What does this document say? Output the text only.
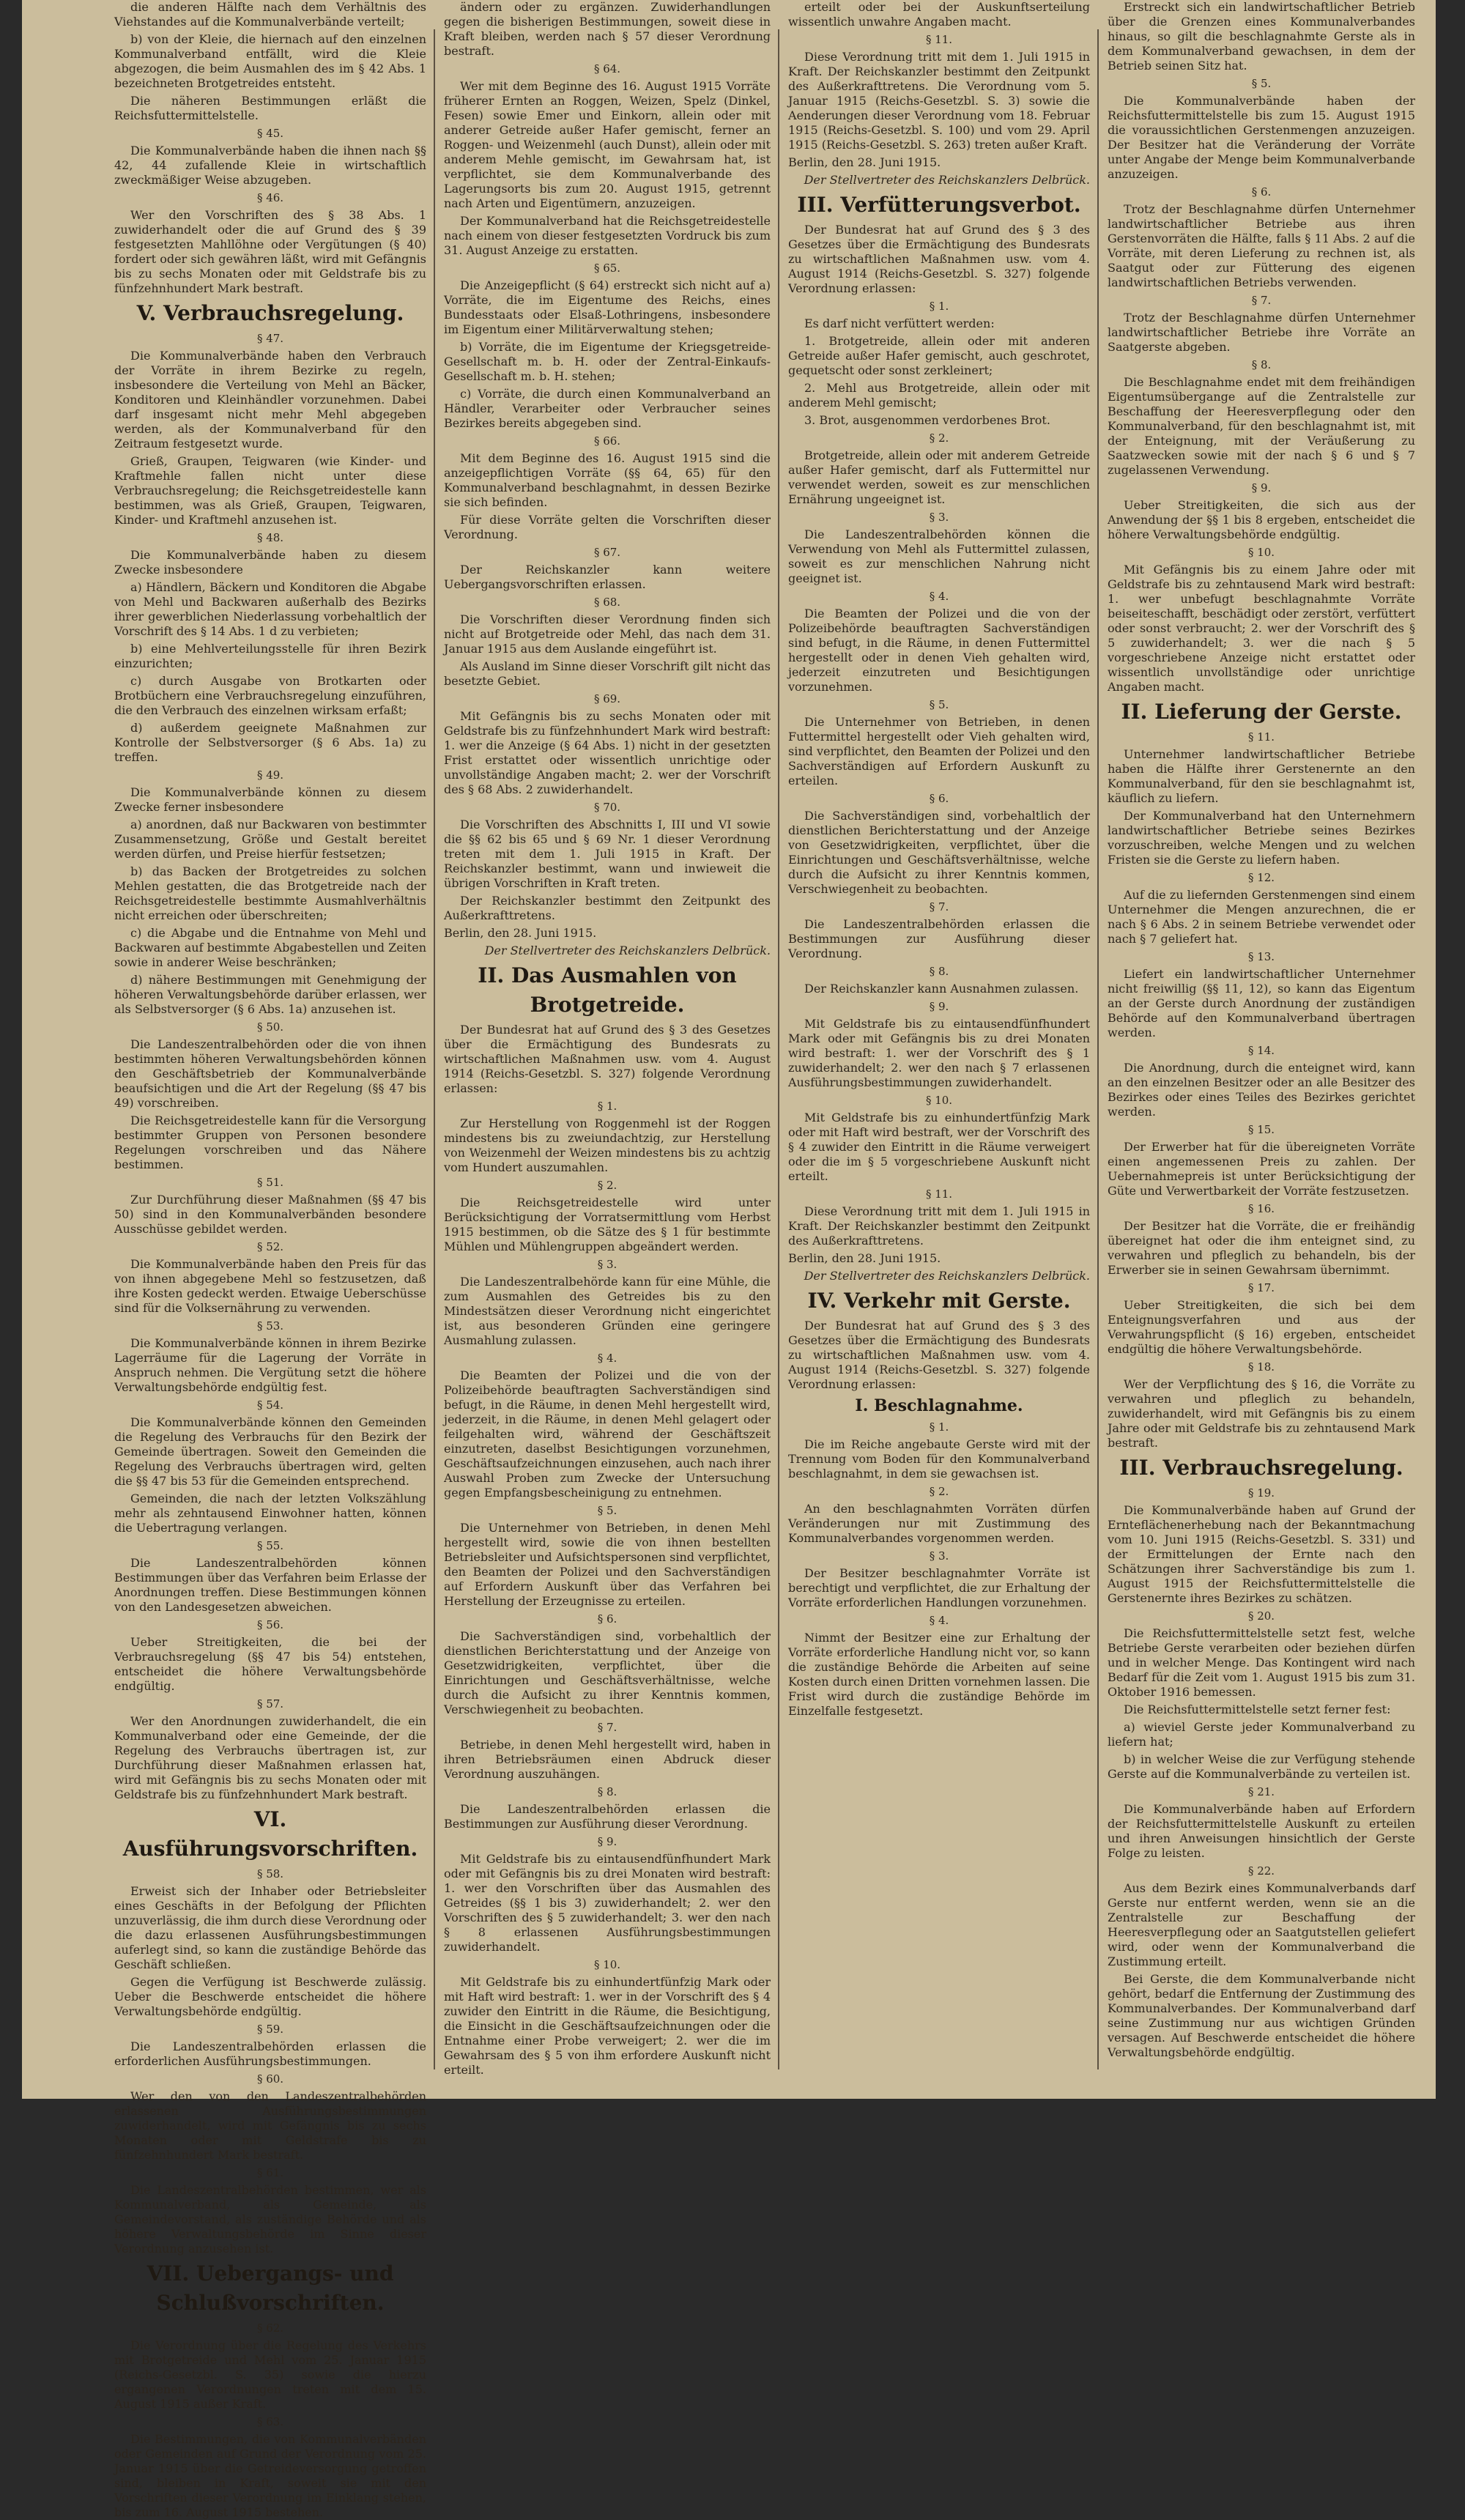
die anderen Hälfte nach dem Verhältnis des Viehstandes auf die Kommunalverbände verteilt;

b) von der Kleie, die hiernach auf den einzelnen Kommunalverband entfällt, wird die Kleie abgezogen, die beim Ausmahlen des im § 42 Abs. 1 bezeichneten Brotgetreides entsteht.

Die näheren Bestimmungen erläßt die Reichsfuttermittelstelle.

§ 45.

Die Kommunalverbände haben die ihnen nach §§ 42, 44 zufallende Kleie in wirtschaftlich zweckmäßiger Weise abzugeben.

§ 46.

Wer den Vorschriften des § 38 Abs. 1 zuwiderhandelt oder die auf Grund des § 39 festgesetzten Mahllöhne oder Vergütungen (§ 40) fordert oder sich gewähren läßt, wird mit Gefängnis bis zu sechs Monaten oder mit Geldstrafe bis zu fünfzehnhundert Mark bestraft.

V. Verbrauchsregelung.

§ 47.

Die Kommunalverbände haben den Verbrauch der Vorräte in ihrem Bezirke zu regeln, insbesondere die Verteilung von Mehl an Bäcker, Konditoren und Kleinhändler vorzunehmen. Dabei darf insgesamt nicht mehr Mehl abgegeben werden, als der Kommunalverband für den Zeitraum festgesetzt wurde.

Grieß, Graupen, Teigwaren (wie Kinder- und Kraftmehle fallen nicht unter diese Verbrauchsregelung; die Reichsgetreidestelle kann bestimmen, was als Grieß, Graupen, Teigwaren, Kinder- und Kraftmehl anzusehen ist.

§ 48.

Die Kommunalverbände haben zu diesem Zwecke insbesondere

a) Händlern, Bäckern und Konditoren die Abgabe von Mehl und Backwaren außerhalb des Bezirks ihrer gewerblichen Niederlassung vorbehaltlich der Vorschrift des § 14 Abs. 1 d zu verbieten;

b) eine Mehlverteilungsstelle für ihren Bezirk einzurichten;

c) durch Ausgabe von Brotkarten oder Brotbüchern eine Verbrauchsregelung einzuführen, die den Verbrauch des einzelnen wirksam erfaßt;

d) außerdem geeignete Maßnahmen zur Kontrolle der Selbstversorger (§ 6 Abs. 1a) zu treffen.

§ 49.

Die Kommunalverbände können zu diesem Zwecke ferner insbesondere

a) anordnen, daß nur Backwaren von bestimmter Zusammensetzung, Größe und Gestalt bereitet werden dürfen, und Preise hierfür festsetzen;

b) das Backen der Brotgetreides zu solchen Mehlen gestatten, die das Brotgetreide nach der Reichsgetreidestelle bestimmte Ausmahlverhältnis nicht erreichen oder überschreiten;

c) die Abgabe und die Entnahme von Mehl und Backwaren auf bestimmte Abgabestellen und Zeiten sowie in anderer Weise beschränken;

d) nähere Bestimmungen mit Genehmigung der höheren Verwaltungsbehörde darüber erlassen, wer als Selbstversorger (§ 6 Abs. 1a) anzusehen ist.

§ 50.

Die Landeszentralbehörden oder die von ihnen bestimmten höheren Verwaltungsbehörden können den Geschäftsbetrieb der Kommunalverbände beaufsichtigen und die Art der Regelung (§§ 47 bis 49) vorschreiben.

Die Reichsgetreidestelle kann für die Versorgung bestimmter Gruppen von Personen besondere Regelungen vorschreiben und das Nähere bestimmen.

§ 51.

Zur Durchführung dieser Maßnahmen (§§ 47 bis 50) sind in den Kommunalverbänden besondere Ausschüsse gebildet werden.

§ 52.

Die Kommunalverbände haben den Preis für das von ihnen abgegebene Mehl so festzusetzen, daß ihre Kosten gedeckt werden. Etwaige Ueberschüsse sind für die Volksernährung zu verwenden.

§ 53.

Die Kommunalverbände können in ihrem Bezirke Lagerräume für die Lagerung der Vorräte in Anspruch nehmen. Die Vergütung setzt die höhere Verwaltungsbehörde endgültig fest.

§ 54.

Die Kommunalverbände können den Gemeinden die Regelung des Verbrauchs für den Bezirk der Gemeinde übertragen. Soweit den Gemeinden die Regelung des Verbrauchs übertragen wird, gelten die §§ 47 bis 53 für die Gemeinden entsprechend.

Gemeinden, die nach der letzten Volkszählung mehr als zehntausend Einwohner hatten, können die Uebertragung verlangen.

§ 55.

Die Landeszentralbehörden können Bestimmungen über das Verfahren beim Erlasse der Anordnungen treffen. Diese Bestimmungen können von den Landesgesetzen abweichen.

§ 56.

Ueber Streitigkeiten, die bei der Verbrauchsregelung (§§ 47 bis 54) entstehen, entscheidet die höhere Verwaltungsbehörde endgültig.

§ 57.

Wer den Anordnungen zuwiderhandelt, die ein Kommunalverband oder eine Gemeinde, der die Regelung des Verbrauchs übertragen ist, zur Durchführung dieser Maßnahmen erlassen hat, wird mit Gefängnis bis zu sechs Monaten oder mit Geldstrafe bis zu fünfzehnhundert Mark bestraft.

VI. Ausführungsvorschriften.

§ 58.

Erweist sich der Inhaber oder Betriebsleiter eines Geschäfts in der Befolgung der Pflichten unzuverlässig, die ihm durch diese Verordnung oder die dazu erlassenen Ausführungsbestimmungen auferlegt sind, so kann die zuständige Behörde das Geschäft schließen.

Gegen die Verfügung ist Beschwerde zulässig. Ueber die Beschwerde entscheidet die höhere Verwaltungsbehörde endgültig.

§ 59.

Die Landeszentralbehörden erlassen die erforderlichen Ausführungsbestimmungen.

§ 60.

Wer den von den Landeszentralbehörden erlassenen Ausführungsbestimmungen zuwiderhandelt, wird mit Gefängnis bis zu sechs Monaten oder mit Geldstrafe bis zu fünfzehnhundert Mark bestraft.

§ 61.

Die Landeszentralbehörden bestimmen, wer als Kommunalverband, als Gemeinde, als Gemeindevorstand, als zuständige Behörde und als höhere Verwaltungsbehörde im Sinne dieser Verordnung anzusehen ist.

VII. Uebergangs- und Schlußvorschriften.

§ 62.

Die Verordnung über die Regelung des Verkehrs mit Brotgetreide und Mehl vom 25. Januar 1915 (Reichs-Gesetzbl. S. 35) sowie die hierzu ergangenen Verordnungen treten mit dem 15. August 1915 außer Kraft.

§ 63.

Die Bestimmungen, die von Kommunalverbänden oder Gemeinden auf Grund der Verordnung vom 25. Januar 1915 über die Getreideversorgung getroffen sind, bleiben in Kraft, soweit sie mit den Vorschriften dieser Verordnung im Einklang stehen, bis zum 16. August 1915 bestehen.

ändern oder zu ergänzen. Zuwiderhandlungen gegen die bisherigen Bestimmungen, soweit diese in Kraft bleiben, werden nach § 57 dieser Verordnung bestraft.

§ 64.

Wer mit dem Beginne des 16. August 1915 Vorräte früherer Ernten an Roggen, Weizen, Spelz (Dinkel, Fesen) sowie Emer und Einkorn, allein oder mit anderer Getreide außer Hafer gemischt, ferner an Roggen- und Weizenmehl (auch Dunst), allein oder mit anderem Mehle gemischt, im Gewahrsam hat, ist verpflichtet, sie dem Kommunalverbande des Lagerungsorts bis zum 20. August 1915, getrennt nach Arten und Eigentümern, anzuzeigen.

Der Kommunalverband hat die Reichsgetreidestelle nach einem von dieser festgesetzten Vordruck bis zum 31. August Anzeige zu erstatten.

§ 65.

Die Anzeigepflicht (§ 64) erstreckt sich nicht auf a) Vorräte, die im Eigentume des Reichs, eines Bundesstaats oder Elsaß-Lothringens, insbesondere im Eigentum einer Militärverwaltung stehen;

b) Vorräte, die im Eigentume der Kriegsgetreide-Gesellschaft m. b. H. oder der Zentral-Einkaufs-Gesellschaft m. b. H. stehen;

c) Vorräte, die durch einen Kommunalverband an Händler, Verarbeiter oder Verbraucher seines Bezirkes bereits abgegeben sind.

§ 66.

Mit dem Beginne des 16. August 1915 sind die anzeigepflichtigen Vorräte (§§ 64, 65) für den Kommunalverband beschlagnahmt, in dessen Bezirke sie sich befinden.

Für diese Vorräte gelten die Vorschriften dieser Verordnung.

§ 67.

Der Reichskanzler kann weitere Uebergangsvorschriften erlassen.

§ 68.

Die Vorschriften dieser Verordnung finden sich nicht auf Brotgetreide oder Mehl, das nach dem 31. Januar 1915 aus dem Auslande eingeführt ist.

Als Ausland im Sinne dieser Vorschrift gilt nicht das besetzte Gebiet.

§ 69.

Mit Gefängnis bis zu sechs Monaten oder mit Geldstrafe bis zu fünfzehnhundert Mark wird bestraft: 1. wer die Anzeige (§ 64 Abs. 1) nicht in der gesetzten Frist erstattet oder wissentlich unrichtige oder unvollständige Angaben macht; 2. wer der Vorschrift des § 68 Abs. 2 zuwiderhandelt.

§ 70.

Die Vorschriften des Abschnitts I, III und VI sowie die §§ 62 bis 65 und § 69 Nr. 1 dieser Verordnung treten mit dem 1. Juli 1915 in Kraft. Der Reichskanzler bestimmt, wann und inwieweit die übrigen Vorschriften in Kraft treten.

Der Reichskanzler bestimmt den Zeitpunkt des Außerkrafttretens.

Berlin, den 28. Juni 1915.

Der Stellvertreter des Reichskanzlers Delbrück.

II. Das Ausmahlen von Brotgetreide.

Der Bundesrat hat auf Grund des § 3 des Gesetzes über die Ermächtigung des Bundesrats zu wirtschaftlichen Maßnahmen usw. vom 4. August 1914 (Reichs-Gesetzbl. S. 327) folgende Verordnung erlassen:

§ 1.

Zur Herstellung von Roggenmehl ist der Roggen mindestens bis zu zweiundachtzig, zur Herstellung von Weizenmehl der Weizen mindestens bis zu achtzig vom Hundert auszumahlen.

§ 2.

Die Reichsgetreidestelle wird unter Berücksichtigung der Vorratsermittlung vom Herbst 1915 bestimmen, ob die Sätze des § 1 für bestimmte Mühlen und Mühlengruppen abgeändert werden.

§ 3.

Die Landeszentralbehörde kann für eine Mühle, die zum Ausmahlen des Getreides bis zu den Mindestsätzen dieser Verordnung nicht eingerichtet ist, aus besonderen Gründen eine geringere Ausmahlung zulassen.

§ 4.

Die Beamten der Polizei und die von der Polizeibehörde beauftragten Sachverständigen sind befugt, in die Räume, in denen Mehl hergestellt wird, jederzeit, in die Räume, in denen Mehl gelagert oder feilgehalten wird, während der Geschäftszeit einzutreten, daselbst Besichtigungen vorzunehmen, Geschäftsaufzeichnungen einzusehen, auch nach ihrer Auswahl Proben zum Zwecke der Untersuchung gegen Empfangsbescheinigung zu entnehmen.

§ 5.

Die Unternehmer von Betrieben, in denen Mehl hergestellt wird, sowie die von ihnen bestellten Betriebsleiter und Aufsichtspersonen sind verpflichtet, den Beamten der Polizei und den Sachverständigen auf Erfordern Auskunft über das Verfahren bei Herstellung der Erzeugnisse zu erteilen.

§ 6.

Die Sachverständigen sind, vorbehaltlich der dienstlichen Berichterstattung und der Anzeige von Gesetzwidrigkeiten, verpflichtet, über die Einrichtungen und Geschäftsverhältnisse, welche durch die Aufsicht zu ihrer Kenntnis kommen, Verschwiegenheit zu beobachten.

§ 7.

Betriebe, in denen Mehl hergestellt wird, haben in ihren Betriebsräumen einen Abdruck dieser Verordnung auszuhängen.

§ 8.

Die Landeszentralbehörden erlassen die Bestimmungen zur Ausführung dieser Verordnung.

§ 9.

Mit Geldstrafe bis zu eintausendfünfhundert Mark oder mit Gefängnis bis zu drei Monaten wird bestraft: 1. wer den Vorschriften über das Ausmahlen des Getreides (§§ 1 bis 3) zuwiderhandelt; 2. wer den Vorschriften des § 5 zuwiderhandelt; 3. wer den nach § 8 erlassenen Ausführungsbestimmungen zuwiderhandelt.

§ 10.

Mit Geldstrafe bis zu einhundertfünfzig Mark oder mit Haft wird bestraft: 1. wer in der Vorschrift des § 4 zuwider den Eintritt in die Räume, die Besichtigung, die Einsicht in die Geschäftsaufzeichnungen oder die Entnahme einer Probe verweigert; 2. wer die im Gewahrsam des § 5 von ihm erfordere Auskunft nicht erteilt.

erteilt oder bei der Auskunftserteilung wissentlich unwahre Angaben macht.

§ 11.

Diese Verordnung tritt mit dem 1. Juli 1915 in Kraft. Der Reichskanzler bestimmt den Zeitpunkt des Außerkrafttretens. Die Verordnung vom 5. Januar 1915 (Reichs-Gesetzbl. S. 3) sowie die Aenderungen dieser Verordnung vom 18. Februar 1915 (Reichs-Gesetzbl. S. 100) und vom 29. April 1915 (Reichs-Gesetzbl. S. 263) treten außer Kraft.

Berlin, den 28. Juni 1915.

Der Stellvertreter des Reichskanzlers Delbrück.

III. Verfütterungsverbot.

Der Bundesrat hat auf Grund des § 3 des Gesetzes über die Ermächtigung des Bundesrats zu wirtschaftlichen Maßnahmen usw. vom 4. August 1914 (Reichs-Gesetzbl. S. 327) folgende Verordnung erlassen:

§ 1.

Es darf nicht verfüttert werden:

1. Brotgetreide, allein oder mit anderen Getreide außer Hafer gemischt, auch geschrotet, gequetscht oder sonst zerkleinert;

2. Mehl aus Brotgetreide, allein oder mit anderem Mehl gemischt;

3. Brot, ausgenommen verdorbenes Brot.

§ 2.

Brotgetreide, allein oder mit anderem Getreide außer Hafer gemischt, darf als Futtermittel nur verwendet werden, soweit es zur menschlichen Ernährung ungeeignet ist.

§ 3.

Die Landeszentralbehörden können die Verwendung von Mehl als Futtermittel zulassen, soweit es zur menschlichen Nahrung nicht geeignet ist.

§ 4.

Die Beamten der Polizei und die von der Polizeibehörde beauftragten Sachverständigen sind befugt, in die Räume, in denen Futtermittel hergestellt oder in denen Vieh gehalten wird, jederzeit einzutreten und Besichtigungen vorzunehmen.

§ 5.

Die Unternehmer von Betrieben, in denen Futtermittel hergestellt oder Vieh gehalten wird, sind verpflichtet, den Beamten der Polizei und den Sachverständigen auf Erfordern Auskunft zu erteilen.

§ 6.

Die Sachverständigen sind, vorbehaltlich der dienstlichen Berichterstattung und der Anzeige von Gesetzwidrigkeiten, verpflichtet, über die Einrichtungen und Geschäftsverhältnisse, welche durch die Aufsicht zu ihrer Kenntnis kommen, Verschwiegenheit zu beobachten.

§ 7.

Die Landeszentralbehörden erlassen die Bestimmungen zur Ausführung dieser Verordnung.

§ 8.

Der Reichskanzler kann Ausnahmen zulassen.

§ 9.

Mit Geldstrafe bis zu eintausendfünfhundert Mark oder mit Gefängnis bis zu drei Monaten wird bestraft: 1. wer der Vorschrift des § 1 zuwiderhandelt; 2. wer den nach § 7 erlassenen Ausführungsbestimmungen zuwiderhandelt.

§ 10.

Mit Geldstrafe bis zu einhundertfünfzig Mark oder mit Haft wird bestraft, wer der Vorschrift des § 4 zuwider den Eintritt in die Räume verweigert oder die im § 5 vorgeschriebene Auskunft nicht erteilt.

§ 11.

Diese Verordnung tritt mit dem 1. Juli 1915 in Kraft. Der Reichskanzler bestimmt den Zeitpunkt des Außerkrafttretens.

Berlin, den 28. Juni 1915.

Der Stellvertreter des Reichskanzlers Delbrück.

IV. Verkehr mit Gerste.

Der Bundesrat hat auf Grund des § 3 des Gesetzes über die Ermächtigung des Bundesrats zu wirtschaftlichen Maßnahmen usw. vom 4. August 1914 (Reichs-Gesetzbl. S. 327) folgende Verordnung erlassen:

I. Beschlagnahme.

§ 1.

Die im Reiche angebaute Gerste wird mit der Trennung vom Boden für den Kommunalverband beschlagnahmt, in dem sie gewachsen ist.

§ 2.

An den beschlagnahmten Vorräten dürfen Veränderungen nur mit Zustimmung des Kommunalverbandes vorgenommen werden.

§ 3.

Der Besitzer beschlagnahmter Vorräte ist berechtigt und verpflichtet, die zur Erhaltung der Vorräte erforderlichen Handlungen vorzunehmen.

§ 4.

Nimmt der Besitzer eine zur Erhaltung der Vorräte erforderliche Handlung nicht vor, so kann die zuständige Behörde die Arbeiten auf seine Kosten durch einen Dritten vornehmen lassen. Die Frist wird durch die zuständige Behörde im Einzelfalle festgesetzt.

Erstreckt sich ein landwirtschaftlicher Betrieb über die Grenzen eines Kommunalverbandes hinaus, so gilt die beschlagnahmte Gerste als in dem Kommunalverband gewachsen, in dem der Betrieb seinen Sitz hat.

§ 5.

Die Kommunalverbände haben der Reichsfuttermittelstelle bis zum 15. August 1915 die voraussichtlichen Gerstenmengen anzuzeigen. Der Besitzer hat die Veränderung der Vorräte unter Angabe der Menge beim Kommunalverbande anzuzeigen.

§ 6.

Trotz der Beschlagnahme dürfen Unternehmer landwirtschaftlicher Betriebe aus ihren Gerstenvorräten die Hälfte, falls § 11 Abs. 2 auf die Vorräte, mit deren Lieferung zu rechnen ist, als Saatgut oder zur Fütterung des eigenen landwirtschaftlichen Betriebs verwenden.

§ 7.

Trotz der Beschlagnahme dürfen Unternehmer landwirtschaftlicher Betriebe ihre Vorräte an Saatgerste abgeben.

§ 8.

Die Beschlagnahme endet mit dem freihändigen Eigentumsübergange auf die Zentralstelle zur Beschaffung der Heeresverpflegung oder den Kommunalverband, für den beschlagnahmt ist, mit der Enteignung, mit der Veräußerung zu Saatzwecken sowie mit der nach § 6 und § 7 zugelassenen Verwendung.

§ 9.

Ueber Streitigkeiten, die sich aus der Anwendung der §§ 1 bis 8 ergeben, entscheidet die höhere Verwaltungsbehörde endgültig.

§ 10.

Mit Gefängnis bis zu einem Jahre oder mit Geldstrafe bis zu zehntausend Mark wird bestraft: 1. wer unbefugt beschlagnahmte Vorräte beiseiteschafft, beschädigt oder zerstört, verfüttert oder sonst verbraucht; 2. wer der Vorschrift des § 5 zuwiderhandelt; 3. wer die nach § 5 vorgeschriebene Anzeige nicht erstattet oder wissentlich unvollständige oder unrichtige Angaben macht.

II. Lieferung der Gerste.

§ 11.

Unternehmer landwirtschaftlicher Betriebe haben die Hälfte ihrer Gerstenernte an den Kommunalverband, für den sie beschlagnahmt ist, käuflich zu liefern.

Der Kommunalverband hat den Unternehmern landwirtschaftlicher Betriebe seines Bezirkes vorzuschreiben, welche Mengen und zu welchen Fristen sie die Gerste zu liefern haben.

§ 12.

Auf die zu liefernden Gerstenmengen sind einem Unternehmer die Mengen anzurechnen, die er nach § 6 Abs. 2 in seinem Betriebe verwendet oder nach § 7 geliefert hat.

§ 13.

Liefert ein landwirtschaftlicher Unternehmer nicht freiwillig (§§ 11, 12), so kann das Eigentum an der Gerste durch Anordnung der zuständigen Behörde auf den Kommunalverband übertragen werden.

§ 14.

Die Anordnung, durch die enteignet wird, kann an den einzelnen Besitzer oder an alle Besitzer des Bezirkes oder eines Teiles des Bezirkes gerichtet werden.

§ 15.

Der Erwerber hat für die übereigneten Vorräte einen angemessenen Preis zu zahlen. Der Uebernahmepreis ist unter Berücksichtigung der Güte und Verwertbarkeit der Vorräte festzusetzen.

§ 16.

Der Besitzer hat die Vorräte, die er freihändig übereignet hat oder die ihm enteignet sind, zu verwahren und pfleglich zu behandeln, bis der Erwerber sie in seinen Gewahrsam übernimmt.

§ 17.

Ueber Streitigkeiten, die sich bei dem Enteignungsverfahren und aus der Verwahrungspflicht (§ 16) ergeben, entscheidet endgültig die höhere Verwaltungsbehörde.

§ 18.

Wer der Verpflichtung des § 16, die Vorräte zu verwahren und pfleglich zu behandeln, zuwiderhandelt, wird mit Gefängnis bis zu einem Jahre oder mit Geldstrafe bis zu zehntausend Mark bestraft.

III. Verbrauchsregelung.

§ 19.

Die Kommunalverbände haben auf Grund der Ernteflächenerhebung nach der Bekanntmachung vom 10. Juni 1915 (Reichs-Gesetzbl. S. 331) und der Ermittelungen der Ernte nach den Schätzungen ihrer Sachverständige bis zum 1. August 1915 der Reichsfuttermittelstelle die Gerstenernte ihres Bezirkes zu schätzen.

§ 20.

Die Reichsfuttermittelstelle setzt fest, welche Betriebe Gerste verarbeiten oder beziehen dürfen und in welcher Menge. Das Kontingent wird nach Bedarf für die Zeit vom 1. August 1915 bis zum 31. Oktober 1916 bemessen.

Die Reichsfuttermittelstelle setzt ferner fest:

a) wieviel Gerste jeder Kommunalverband zu liefern hat;

b) in welcher Weise die zur Verfügung stehende Gerste auf die Kommunalverbände zu verteilen ist.

§ 21.

Die Kommunalverbände haben auf Erfordern der Reichsfuttermittelstelle Auskunft zu erteilen und ihren Anweisungen hinsichtlich der Gerste Folge zu leisten.

§ 22.

Aus dem Bezirk eines Kommunalverbands darf Gerste nur entfernt werden, wenn sie an die Zentralstelle zur Beschaffung der Heeresverpflegung oder an Saatgutstellen geliefert wird, oder wenn der Kommunalverband die Zustimmung erteilt.

Bei Gerste, die dem Kommunalverbande nicht gehört, bedarf die Entfernung der Zustimmung des Kommunalverbandes. Der Kommunalverband darf seine Zustimmung nur aus wichtigen Gründen versagen. Auf Beschwerde entscheidet die höhere Verwaltungsbehörde endgültig.
